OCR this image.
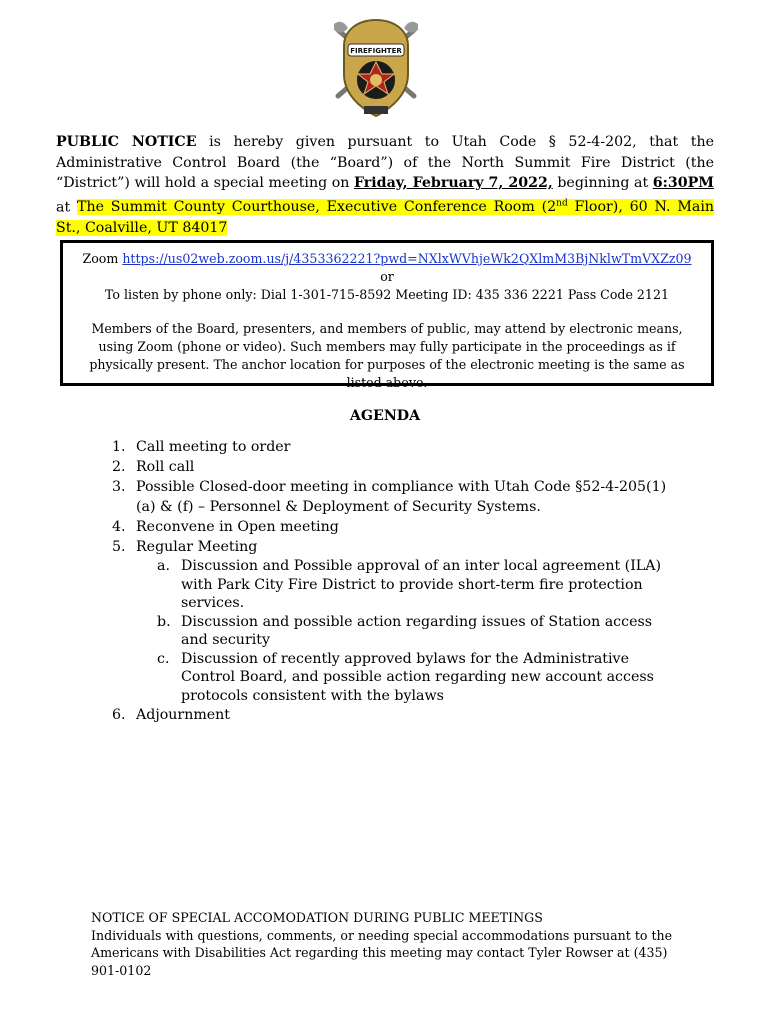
FIREFIGHTER
PUBLIC NOTICE is hereby given pursuant to Utah Code § 52-4-202, that the Administrative Control Board (the “Board”) of the North Summit Fire District (the “District”) will hold a special meeting on Friday, February 7, 2022, beginning at 6:30PM at The Summit County Courthouse, Executive Conference Room (2nd Floor), 60 N. Main St., Coalville, UT 84017
Zoom https://us02web.zoom.us/j/4353362221?pwd=NXlxWVhjeWk2QXlmM3BjNklwTmVXZz09
or
To listen by phone only: Dial 1-301-715-8592 Meeting ID: 435 336 2221 Pass Code 2121
Members of the Board, presenters, and members of public, may attend by electronic means, using Zoom (phone or video). Such members may fully participate in the proceedings as if physically present. The anchor location for purposes of the electronic meeting is the same as listed above.
AGENDA
1. Call meeting to order
2. Roll call
3. Possible Closed-door meeting in compliance with Utah Code §52-4-205(1)(a) & (f) – Personnel & Deployment of Security Systems.
4. Reconvene in Open meeting
5. Regular Meeting
a. Discussion and Possible approval of an inter local agreement (ILA) with Park City Fire District to provide short-term fire protection services.
b. Discussion and possible action regarding issues of Station access and security
c. Discussion of recently approved bylaws for the Administrative Control Board, and possible action regarding new account access protocols consistent with the bylaws
6. Adjournment
NOTICE OF SPECIAL ACCOMODATION DURING PUBLIC MEETINGS
Individuals with questions, comments, or needing special accommodations pursuant to the Americans with Disabilities Act regarding this meeting may contact Tyler Rowser at (435) 901-0102
